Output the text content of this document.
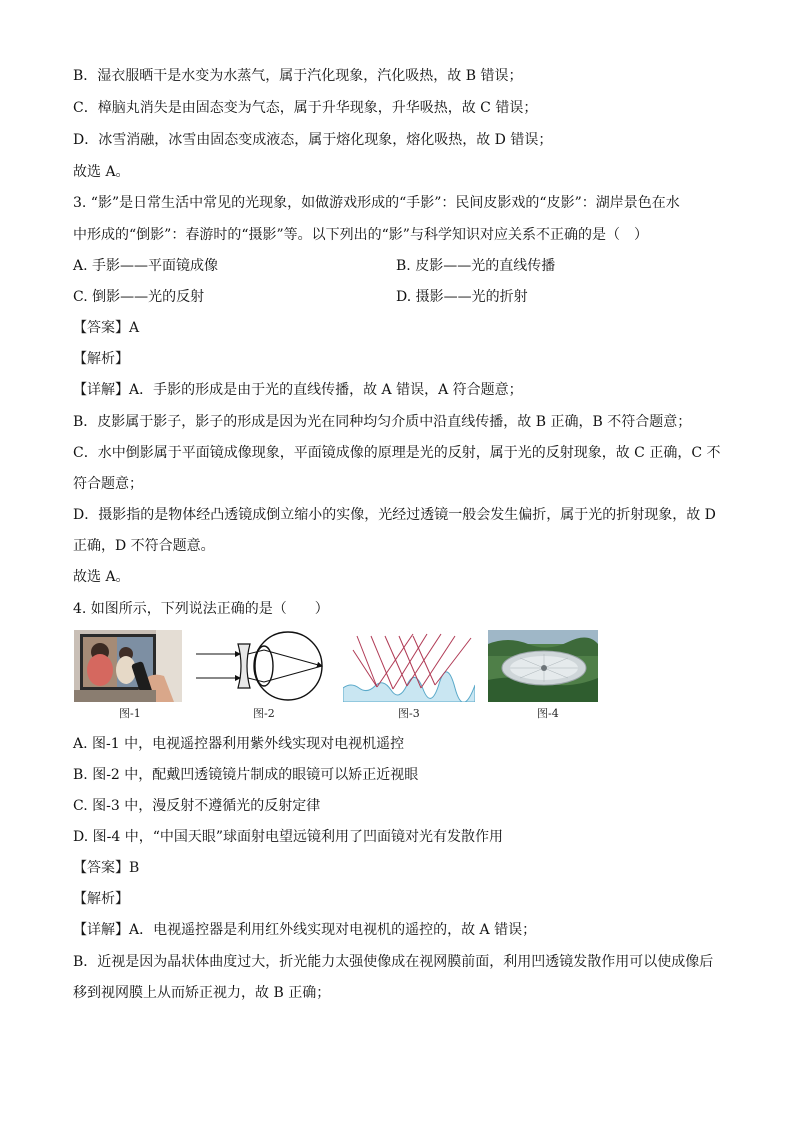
B．湿衣服晒干是水变为水蒸气，属于汽化现象，汽化吸热，故 B 错误；
C．樟脑丸消失是由固态变为气态，属于升华现象，升华吸热，故 C 错误；
D．冰雪消融，冰雪由固态变成液态，属于熔化现象，熔化吸热，故 D 错误；
故选 A。
3. “影”是日常生活中常见的光现象，如做游戏形成的“手影”：民间皮影戏的“皮影”：湖岸景色在水
中形成的“倒影”：春游时的“摄影”等。以下列出的“影”与科学知识对应关系不正确的是（　）
A. 手影——平面镜成像	B. 皮影——光的直线传播
C. 倒影——光的反射	D. 摄影——光的折射
【答案】A
【解析】
【详解】A．手影的形成是由于光的直线传播，故 A 错误，A 符合题意；
B．皮影属于影子，影子的形成是因为光在同种均匀介质中沿直线传播，故 B 正确，B 不符合题意；
C．水中倒影属于平面镜成像现象，平面镜成像的原理是光的反射，属于光的反射现象，故 C 正确，C 不
符合题意；
D．摄影指的是物体经凸透镜成倒立缩小的实像，光经过透镜一般会发生偏折，属于光的折射现象，故 D
正确，D 不符合题意。
故选 A。
4. 如图所示，下列说法正确的是（　　）
图-1	图-2	图-3	图-4
A. 图-1 中，电视遥控器利用紫外线实现对电视机遥控
B. 图-2 中，配戴凹透镜镜片制成的眼镜可以矫正近视眼
C. 图-3 中，漫反射不遵循光的反射定律
D. 图-4 中，“中国天眼”球面射电望远镜利用了凹面镜对光有发散作用
【答案】B
【解析】
【详解】A．电视遥控器是利用红外线实现对电视机的遥控的，故 A 错误；
B．近视是因为晶状体曲度过大，折光能力太强使像成在视网膜前面，利用凹透镜发散作用可以使成像后
移到视网膜上从而矫正视力，故 B 正确；
